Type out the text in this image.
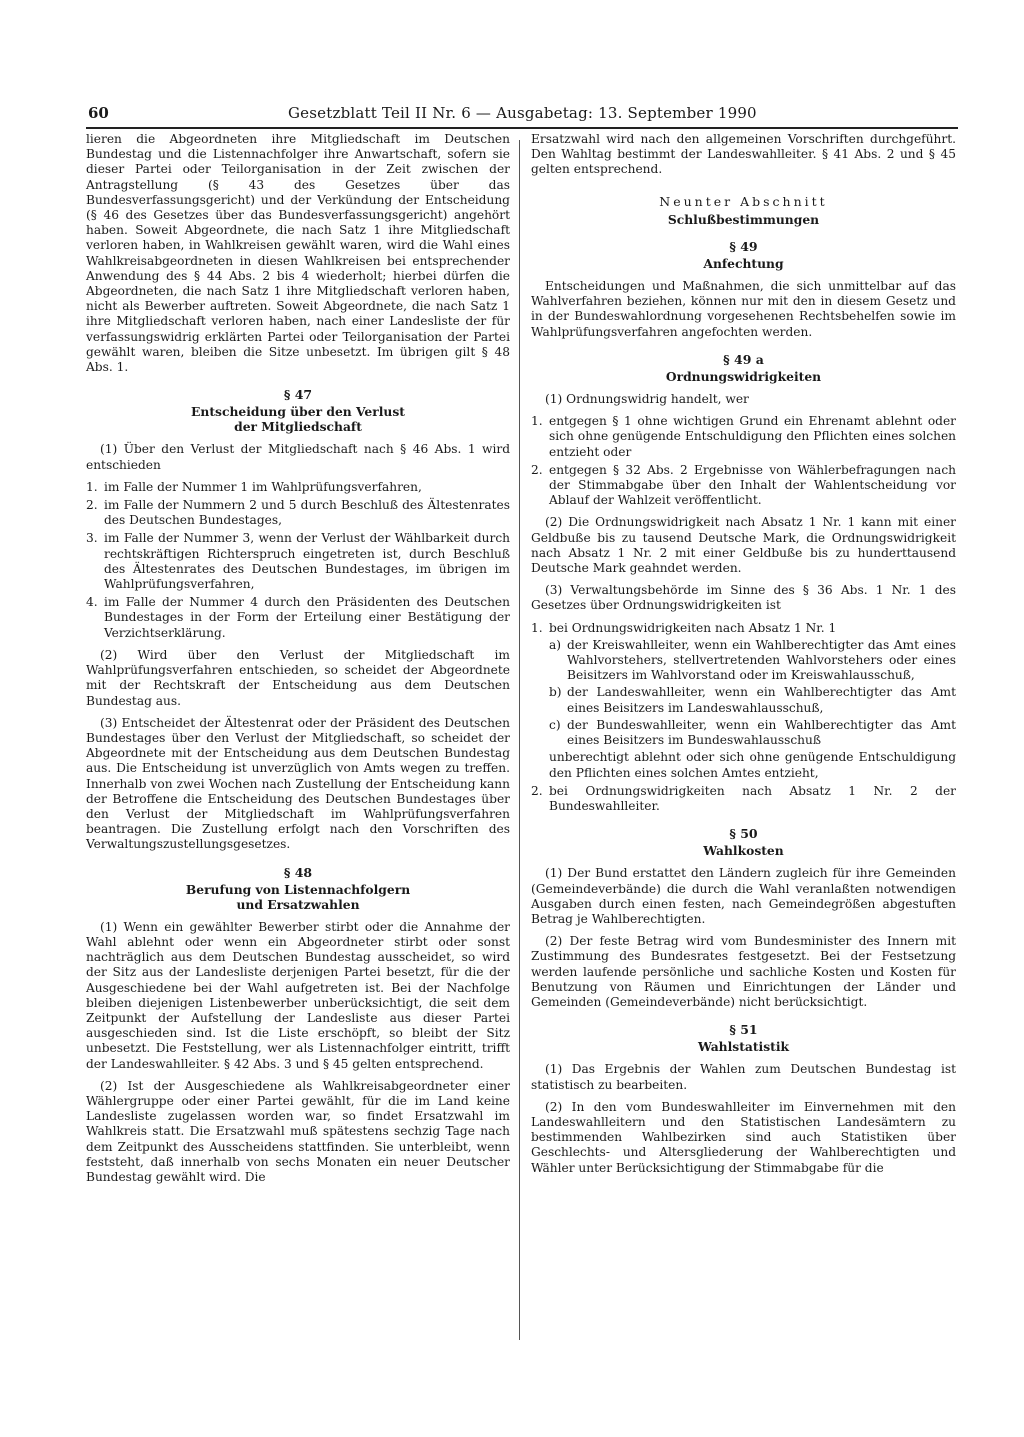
60	Gesetzblatt Teil II Nr. 6 — Ausgabetag: 13. September 1990

lieren die Abgeordneten ihre Mitgliedschaft im Deutschen Bundestag und die Listennachfolger ihre Anwartschaft, sofern sie dieser Partei oder Teilorganisation in der Zeit zwischen der Antragstellung (§ 43 des Gesetzes über das Bundesverfassungsgericht) und der Verkündung der Entscheidung (§ 46 des Gesetzes über das Bundesverfassungsgericht) angehört haben. Soweit Abgeordnete, die nach Satz 1 ihre Mitgliedschaft verloren haben, in Wahlkreisen gewählt waren, wird die Wahl eines Wahlkreisabgeordneten in diesen Wahlkreisen bei entsprechender Anwendung des § 44 Abs. 2 bis 4 wiederholt; hierbei dürfen die Abgeordneten, die nach Satz 1 ihre Mitgliedschaft verloren haben, nicht als Bewerber auftreten. Soweit Abgeordnete, die nach Satz 1 ihre Mitgliedschaft verloren haben, nach einer Landesliste der für verfassungswidrig erklärten Partei oder Teilorganisation der Partei gewählt waren, bleiben die Sitze unbesetzt. Im übrigen gilt § 48 Abs. 1.

§ 47
Entscheidung über den Verlust
der Mitgliedschaft

(1) Über den Verlust der Mitgliedschaft nach § 46 Abs. 1 wird entschieden

1. im Falle der Nummer 1 im Wahlprüfungsverfahren,
2. im Falle der Nummern 2 und 5 durch Beschluß des Ältestenrates des Deutschen Bundestages,
3. im Falle der Nummer 3, wenn der Verlust der Wählbarkeit durch rechtskräftigen Richterspruch eingetreten ist, durch Beschluß des Ältestenrates des Deutschen Bundestages, im übrigen im Wahlprüfungsverfahren,
4. im Falle der Nummer 4 durch den Präsidenten des Deutschen Bundestages in der Form der Erteilung einer Bestätigung der Verzichtserklärung.

(2) Wird über den Verlust der Mitgliedschaft im Wahlprüfungsverfahren entschieden, so scheidet der Abgeordnete mit der Rechtskraft der Entscheidung aus dem Deutschen Bundestag aus.

(3) Entscheidet der Ältestenrat oder der Präsident des Deutschen Bundestages über den Verlust der Mitgliedschaft, so scheidet der Abgeordnete mit der Entscheidung aus dem Deutschen Bundestag aus. Die Entscheidung ist unverzüglich von Amts wegen zu treffen. Innerhalb von zwei Wochen nach Zustellung der Entscheidung kann der Betroffene die Entscheidung des Deutschen Bundestages über den Verlust der Mitgliedschaft im Wahlprüfungsverfahren beantragen. Die Zustellung erfolgt nach den Vorschriften des Verwaltungszustellungsgesetzes.

§ 48
Berufung von Listennachfolgern
und Ersatzwahlen

(1) Wenn ein gewählter Bewerber stirbt oder die Annahme der Wahl ablehnt oder wenn ein Abgeordneter stirbt oder sonst nachträglich aus dem Deutschen Bundestag ausscheidet, so wird der Sitz aus der Landesliste derjenigen Partei besetzt, für die der Ausgeschiedene bei der Wahl aufgetreten ist. Bei der Nachfolge bleiben diejenigen Listenbewerber unberücksichtigt, die seit dem Zeitpunkt der Aufstellung der Landesliste aus dieser Partei ausgeschieden sind. Ist die Liste erschöpft, so bleibt der Sitz unbesetzt. Die Feststellung, wer als Listennachfolger eintritt, trifft der Landeswahlleiter. § 42 Abs. 3 und § 45 gelten entsprechend.

(2) Ist der Ausgeschiedene als Wahlkreisabgeordneter einer Wählergruppe oder einer Partei gewählt, für die im Land keine Landesliste zugelassen worden war, so findet Ersatzwahl im Wahlkreis statt. Die Ersatzwahl muß spätestens sechzig Tage nach dem Zeitpunkt des Ausscheidens stattfinden. Sie unterbleibt, wenn feststeht, daß innerhalb von sechs Monaten ein neuer Deutscher Bundestag gewählt wird. Die

Ersatzwahl wird nach den allgemeinen Vorschriften durchgeführt. Den Wahltag bestimmt der Landeswahlleiter. § 41 Abs. 2 und § 45 gelten entsprechend.

Neunter Abschnitt
Schlußbestimmungen
§ 49
Anfechtung

Entscheidungen und Maßnahmen, die sich unmittelbar auf das Wahlverfahren beziehen, können nur mit den in diesem Gesetz und in der Bundeswahlordnung vorgesehenen Rechtsbehelfen sowie im Wahlprüfungsverfahren angefochten werden.

§ 49 a
Ordnungswidrigkeiten

(1) Ordnungswidrig handelt, wer

1. entgegen § 1 ohne wichtigen Grund ein Ehrenamt ablehnt oder sich ohne genügende Entschuldigung den Pflichten eines solchen entzieht oder
2. entgegen § 32 Abs. 2 Ergebnisse von Wählerbefragungen nach der Stimmabgabe über den Inhalt der Wahlentscheidung vor Ablauf der Wahlzeit veröffentlicht.

(2) Die Ordnungswidrigkeit nach Absatz 1 Nr. 1 kann mit einer Geldbuße bis zu tausend Deutsche Mark, die Ordnungswidrigkeit nach Absatz 1 Nr. 2 mit einer Geldbuße bis zu hunderttausend Deutsche Mark geahndet werden.

(3) Verwaltungsbehörde im Sinne des § 36 Abs. 1 Nr. 1 des Gesetzes über Ordnungswidrigkeiten ist

1. bei Ordnungswidrigkeiten nach Absatz 1 Nr. 1
a) der Kreiswahlleiter, wenn ein Wahlberechtigter das Amt eines Wahlvorstehers, stellvertretenden Wahlvorstehers oder eines Beisitzers im Wahlvorstand oder im Kreiswahlausschuß,
b) der Landeswahlleiter, wenn ein Wahlberechtigter das Amt eines Beisitzers im Landeswahlausschuß,
c) der Bundeswahlleiter, wenn ein Wahlberechtigter das Amt eines Beisitzers im Bundeswahlausschuß
unberechtigt ablehnt oder sich ohne genügende Entschuldigung den Pflichten eines solchen Amtes entzieht,
2. bei Ordnungswidrigkeiten nach Absatz 1 Nr. 2 der Bundeswahlleiter.
§ 50
Wahlkosten

(1) Der Bund erstattet den Ländern zugleich für ihre Gemeinden (Gemeindeverbände) die durch die Wahl veranlaßten notwendigen Ausgaben durch einen festen, nach Gemeindegrößen abgestuften Betrag je Wahlberechtigten.

(2) Der feste Betrag wird vom Bundesminister des Innern mit Zustimmung des Bundesrates festgesetzt. Bei der Festsetzung werden laufende persönliche und sachliche Kosten und Kosten für Benutzung von Räumen und Einrichtungen der Länder und Gemeinden (Gemeindeverbände) nicht berücksichtigt.

§ 51
Wahlstatistik

(1) Das Ergebnis der Wahlen zum Deutschen Bundestag ist statistisch zu bearbeiten.

(2) In den vom Bundeswahlleiter im Einvernehmen mit den Landeswahlleitern und den Statistischen Landesämtern zu bestimmenden Wahlbezirken sind auch Statistiken über Geschlechts- und Altersgliederung der Wahlberechtigten und Wähler unter Berücksichtigung der Stimmabgabe für die
